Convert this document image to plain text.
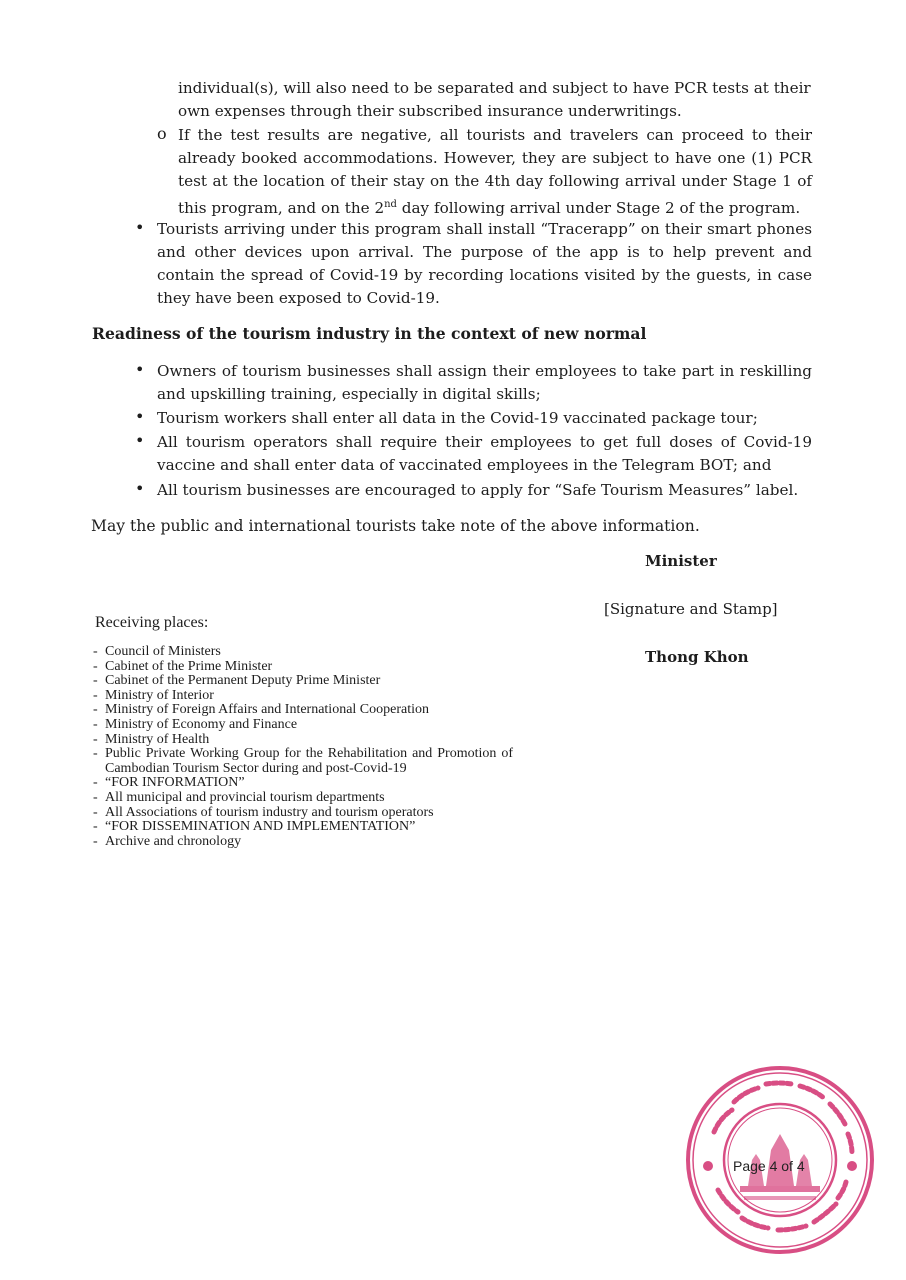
individual(s), will also need to be separated and subject to have PCR tests at their

own expenses through their subscribed insurance underwritings.

o If the test results are negative, all tourists and travelers can proceed to their already booked accommodations. However, they are subject to have one (1) PCR test at the location of their stay on the 4th day following arrival under Stage 1 of this program, and on the 2nd day following arrival under Stage 2 of the program.

• Tourists arriving under this program shall install “Tracerapp” on their smart phones and other devices upon arrival. The purpose of the app is to help prevent and contain the spread of Covid-19 by recording locations visited by the guests, in case they have been exposed to Covid-19.

Readiness of the tourism industry in the context of new normal

• Owners of tourism businesses shall assign their employees to take part in reskilling and upskilling training, especially in digital skills;

• Tourism workers shall enter all data in the Covid-19 vaccinated package tour;

• All tourism operators shall require their employees to get full doses of Covid-19 vaccine and shall enter data of vaccinated employees in the Telegram BOT; and

• All tourism businesses are encouraged to apply for “Safe Tourism Measures” label.

May the public and international tourists take note of the above information.

Minister

[Signature and Stamp]

Thong Khon

Receiving places:

- Council of Ministers
- Cabinet of the Prime Minister
- Cabinet of the Permanent Deputy Prime Minister
- Ministry of Interior
- Ministry of Foreign Affairs and International Cooperation
- Ministry of Economy and Finance
- Ministry of Health
- Public Private Working Group for the Rehabilitation and Promotion of Cambodian Tourism Sector during and post-Covid-19
- “FOR INFORMATION”
- All municipal and provincial tourism departments
- All Associations of tourism industry and tourism operators
- “FOR DISSEMINATION AND IMPLEMENTATION”
- Archive and chronology

Page 4 of 4
